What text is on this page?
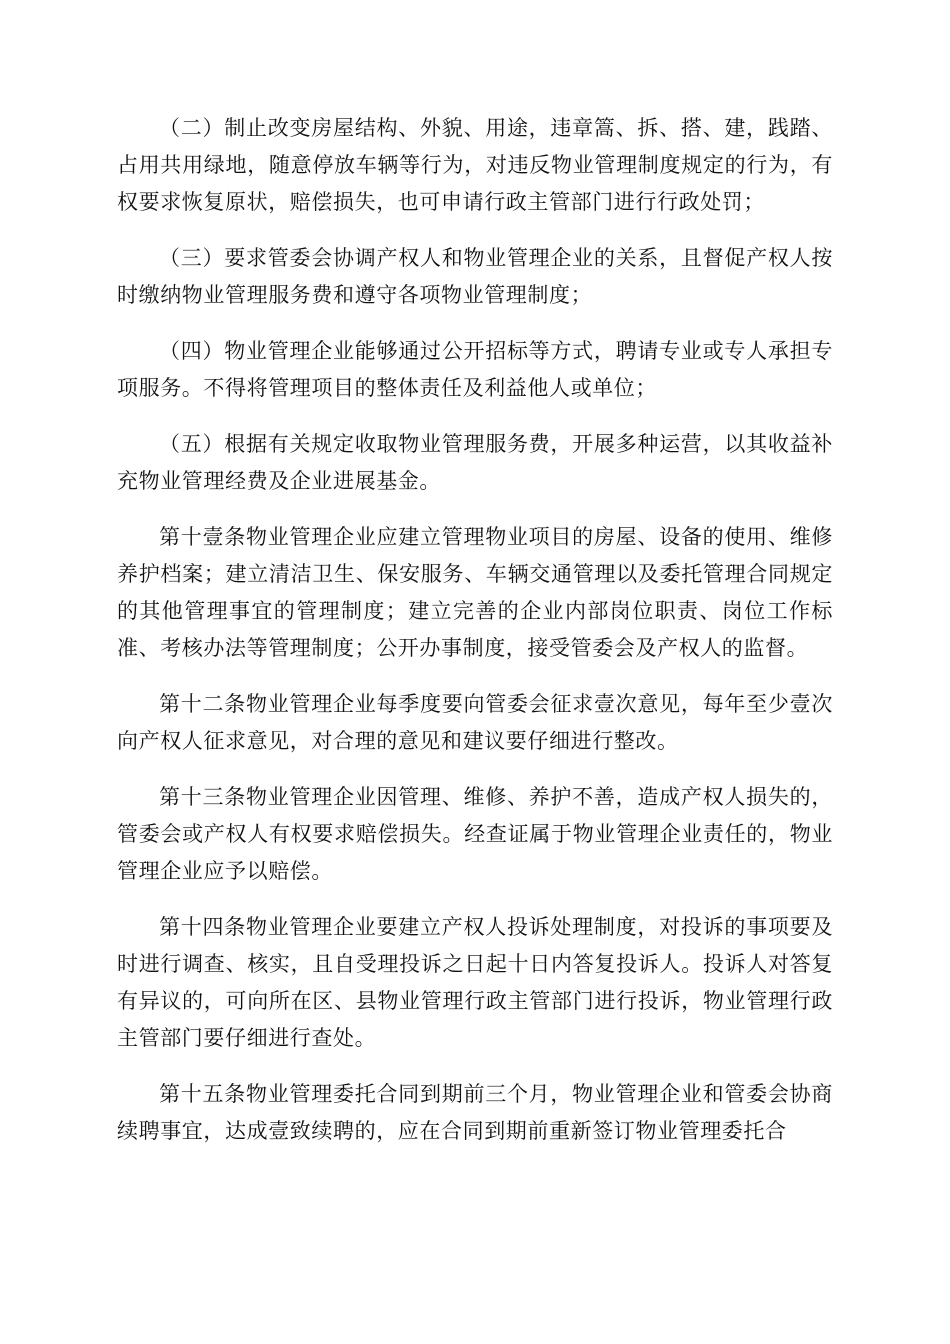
（二）制止改变房屋结构、外貌、用途，违章篙、拆、搭、建，践踏、占用共用绿地，随意停放车辆等行为，对违反物业管理制度规定的行为，有权要求恢复原状，赔偿损失，也可申请行政主管部门进行行政处罚；

（三）要求管委会协调产权人和物业管理企业的关系，且督促产权人按时缴纳物业管理服务费和遵守各项物业管理制度；

（四）物业管理企业能够通过公开招标等方式，聘请专业或专人承担专项服务。不得将管理项目的整体责任及利益他人或单位；

（五）根据有关规定收取物业管理服务费，开展多种运营，以其收益补充物业管理经费及企业进展基金。

第十壹条物业管理企业应建立管理物业项目的房屋、设备的使用、维修养护档案；建立清洁卫生、保安服务、车辆交通管理以及委托管理合同规定的其他管理事宜的管理制度；建立完善的企业内部岗位职责、岗位工作标准、考核办法等管理制度；公开办事制度，接受管委会及产权人的监督。

第十二条物业管理企业每季度要向管委会征求壹次意见，每年至少壹次向产权人征求意见，对合理的意见和建议要仔细进行整改。

第十三条物业管理企业因管理、维修、养护不善，造成产权人损失的，管委会或产权人有权要求赔偿损失。经查证属于物业管理企业责任的，物业管理企业应予以赔偿。

第十四条物业管理企业要建立产权人投诉处理制度，对投诉的事项要及时进行调查、核实，且自受理投诉之日起十日内答复投诉人。投诉人对答复有异议的，可向所在区、县物业管理行政主管部门进行投诉，物业管理行政主管部门要仔细进行查处。

第十五条物业管理委托合同到期前三个月，物业管理企业和管委会协商续聘事宜，达成壹致续聘的，应在合同到期前重新签订物业管理委托合
